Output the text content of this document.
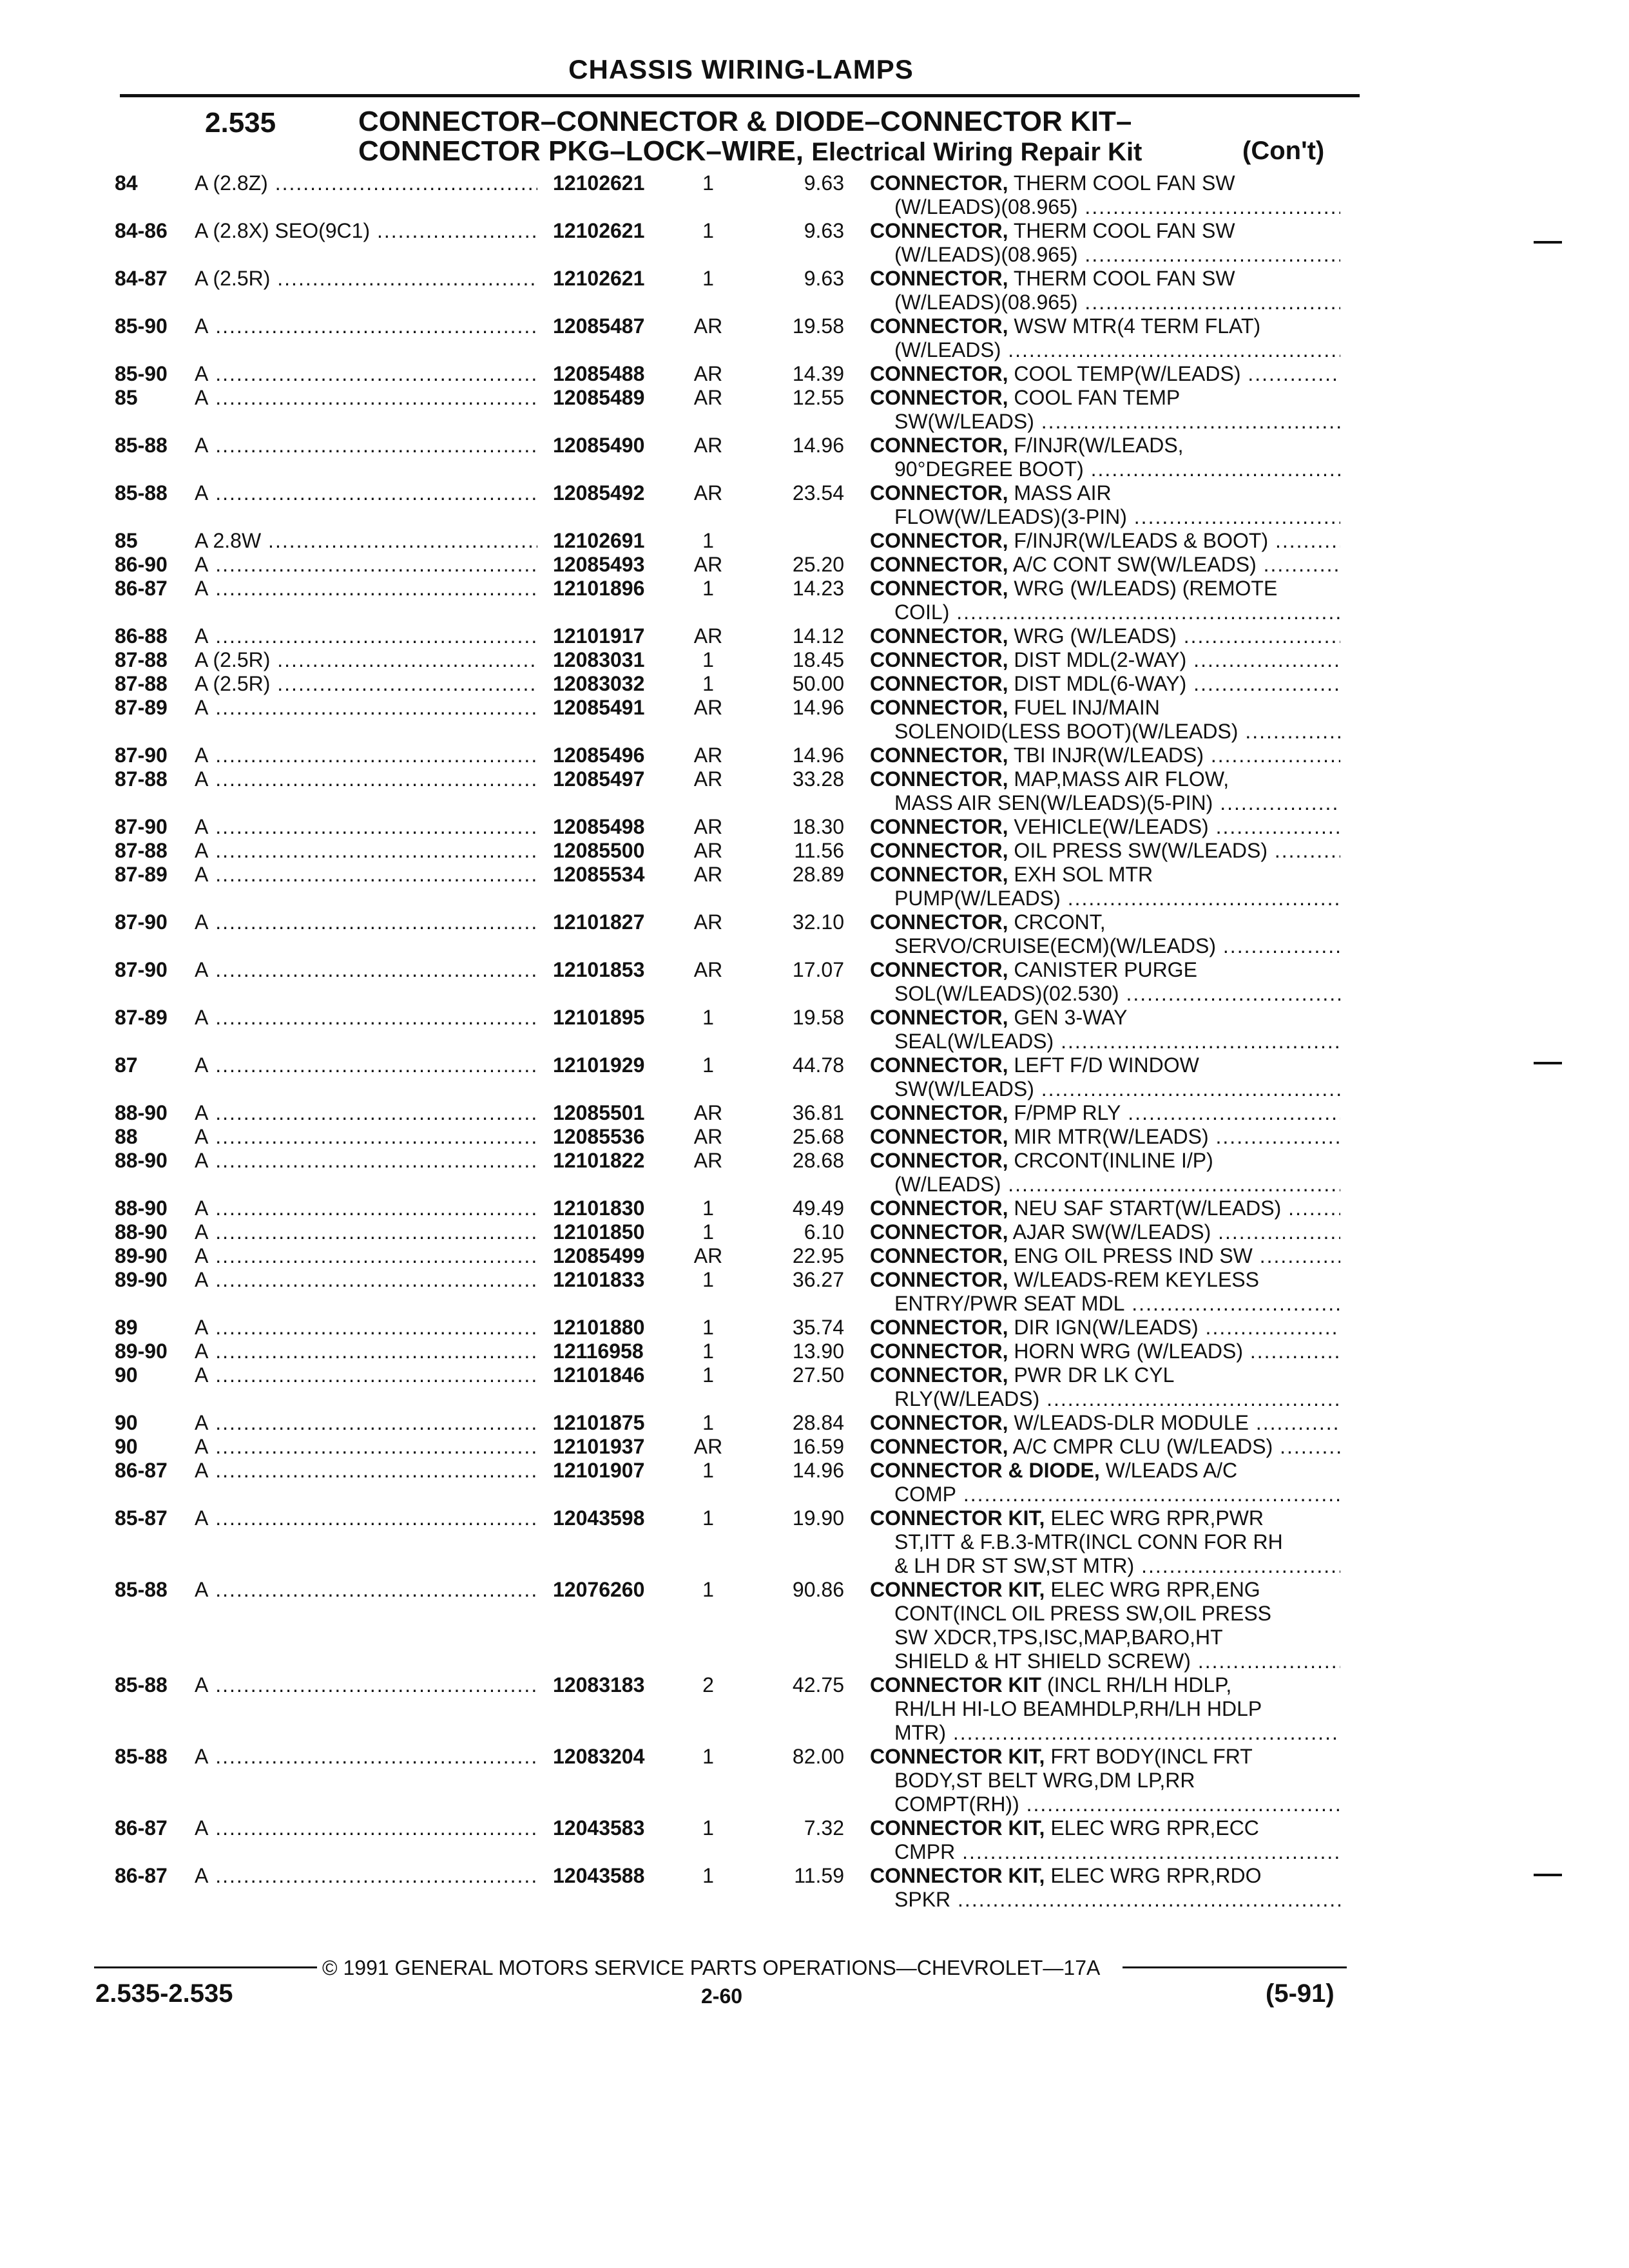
CHASSIS WIRING-LAMPS
2.535	CONNECTOR–CONNECTOR & DIODE–CONNECTOR KIT–
CONNECTOR PKG–LOCK–WIRE, Electrical Wiring Repair Kit	(Con't)
84	A (2.8Z) .....	12102621	1	9.63 CONNECTOR, THERM COOL FAN SW
(W/LEADS)(08.965) .....
84-86 A (2.8X) SEO(9C1) .....	12102621	1	9.63 CONNECTOR, THERM COOL FAN SW
(W/LEADS)(08.965) .....
84-87 A (2.5R) .....	12102621	1	9.63 CONNECTOR, THERM COOL FAN SW
(W/LEADS)(08.965) .....
85-90 A .....	12085487	AR	19.58 CONNECTOR, WSW MTR(4 TERM FLAT)
(W/LEADS) .....
85-90 A .....	12085488	AR	14.39 CONNECTOR, COOL TEMP(W/LEADS) .....
85	A .....	12085489	AR	12.55 CONNECTOR, COOL FAN TEMP
SW(W/LEADS) .....
85-88 A .....	12085490	AR	14.96 CONNECTOR, F/INJR(W/LEADS,
90°DEGREE BOOT) .....
85-88 A .....	12085492	AR	23.54 CONNECTOR, MASS AIR
FLOW(W/LEADS)(3-PIN) .....
85	A 2.8W .....	12102691	1	CONNECTOR, F/INJR(W/LEADS & BOOT) .....
86-90 A .....	12085493	AR	25.20 CONNECTOR, A/C CONT SW(W/LEADS) .....
86-87 A .....	12101896	1	14.23 CONNECTOR, WRG (W/LEADS) (REMOTE
COIL) .....
86-88 A .....	12101917	AR	14.12 CONNECTOR, WRG (W/LEADS) .....
87-88 A (2.5R) .....	12083031	1	18.45 CONNECTOR, DIST MDL(2-WAY) .....
87-88 A (2.5R) .....	12083032	1	50.00 CONNECTOR, DIST MDL(6-WAY) .....
87-89 A .....	12085491	AR	14.96 CONNECTOR, FUEL INJ/MAIN
SOLENOID(LESS BOOT)(W/LEADS) .....
87-90 A .....	12085496	AR	14.96 CONNECTOR, TBI INJR(W/LEADS) .....
87-88 A .....	12085497	AR	33.28 CONNECTOR, MAP,MASS AIR FLOW,
MASS AIR SEN(W/LEADS)(5-PIN) .....
87-90 A .....	12085498	AR	18.30 CONNECTOR, VEHICLE(W/LEADS) .....
87-88 A .....	12085500	AR	11.56 CONNECTOR, OIL PRESS SW(W/LEADS) .....
87-89 A .....	12085534	AR	28.89 CONNECTOR, EXH SOL MTR
PUMP(W/LEADS) .....
87-90 A .....	12101827	AR	32.10 CONNECTOR, CRCONT,
SERVO/CRUISE(ECM)(W/LEADS) .....
87-90 A .....	12101853	AR	17.07 CONNECTOR, CANISTER PURGE
SOL(W/LEADS)(02.530) .....
87-89 A .....	12101895	1	19.58 CONNECTOR, GEN 3-WAY
SEAL(W/LEADS) .....
87	A .....	12101929	1	44.78 CONNECTOR, LEFT F/D WINDOW
SW(W/LEADS) .....
88-90 A .....	12085501	AR	36.81 CONNECTOR, F/PMP RLY .....
88	A .....	12085536	AR	25.68 CONNECTOR, MIR MTR(W/LEADS) .....
88-90 A .....	12101822	AR	28.68 CONNECTOR, CRCONT(INLINE I/P)
(W/LEADS) .....
88-90 A .....	12101830	1	49.49 CONNECTOR, NEU SAF START(W/LEADS) .....
88-90 A .....	12101850	1	6.10 CONNECTOR, AJAR SW(W/LEADS) .....
89-90 A .....	12085499	AR	22.95 CONNECTOR, ENG OIL PRESS IND SW .....
89-90 A .....	12101833	1	36.27 CONNECTOR, W/LEADS-REM KEYLESS
ENTRY/PWR SEAT MDL .....
89	A .....	12101880	1	35.74 CONNECTOR, DIR IGN(W/LEADS) .....
89-90 A .....	12116958	1	13.90 CONNECTOR, HORN WRG (W/LEADS) .....
90	A .....	12101846	1	27.50 CONNECTOR, PWR DR LK CYL
RLY(W/LEADS) .....
90	A .....	12101875	1	28.84 CONNECTOR, W/LEADS-DLR MODULE .....
90	A .....	12101937	AR	16.59 CONNECTOR, A/C CMPR CLU (W/LEADS) .....
86-87 A .....	12101907	1	14.96 CONNECTOR & DIODE, W/LEADS A/C
COMP .....
85-87 A .....	12043598	1	19.90 CONNECTOR KIT, ELEC WRG RPR,PWR
ST,ITT & F.B.3-MTR(INCL CONN FOR RH
& LH DR ST SW,ST MTR) .....
85-88 A .....	12076260	1	90.86 CONNECTOR KIT, ELEC WRG RPR,ENG
CONT(INCL OIL PRESS SW,OIL PRESS
SW XDCR,TPS,ISC,MAP,BARO,HT
SHIELD & HT SHIELD SCREW) .....
85-88 A .....	12083183	2	42.75 CONNECTOR KIT (INCL RH/LH HDLP,
RH/LH HI-LO BEAMHDLP,RH/LH HDLP
MTR) .....
85-88 A .....	12083204	1	82.00 CONNECTOR KIT, FRT BODY(INCL FRT
BODY,ST BELT WRG,DM LP,RR
COMPT(RH)) .....
86-87 A .....	12043583	1	7.32 CONNECTOR KIT, ELEC WRG RPR,ECC
CMPR .....
86-87 A .....	12043588	1	11.59 CONNECTOR KIT, ELEC WRG RPR,RDO
SPKR .....
© 1991 GENERAL MOTORS SERVICE PARTS OPERATIONS—CHEVROLET—17A
2.535-2.535	2-60	(5-91)
